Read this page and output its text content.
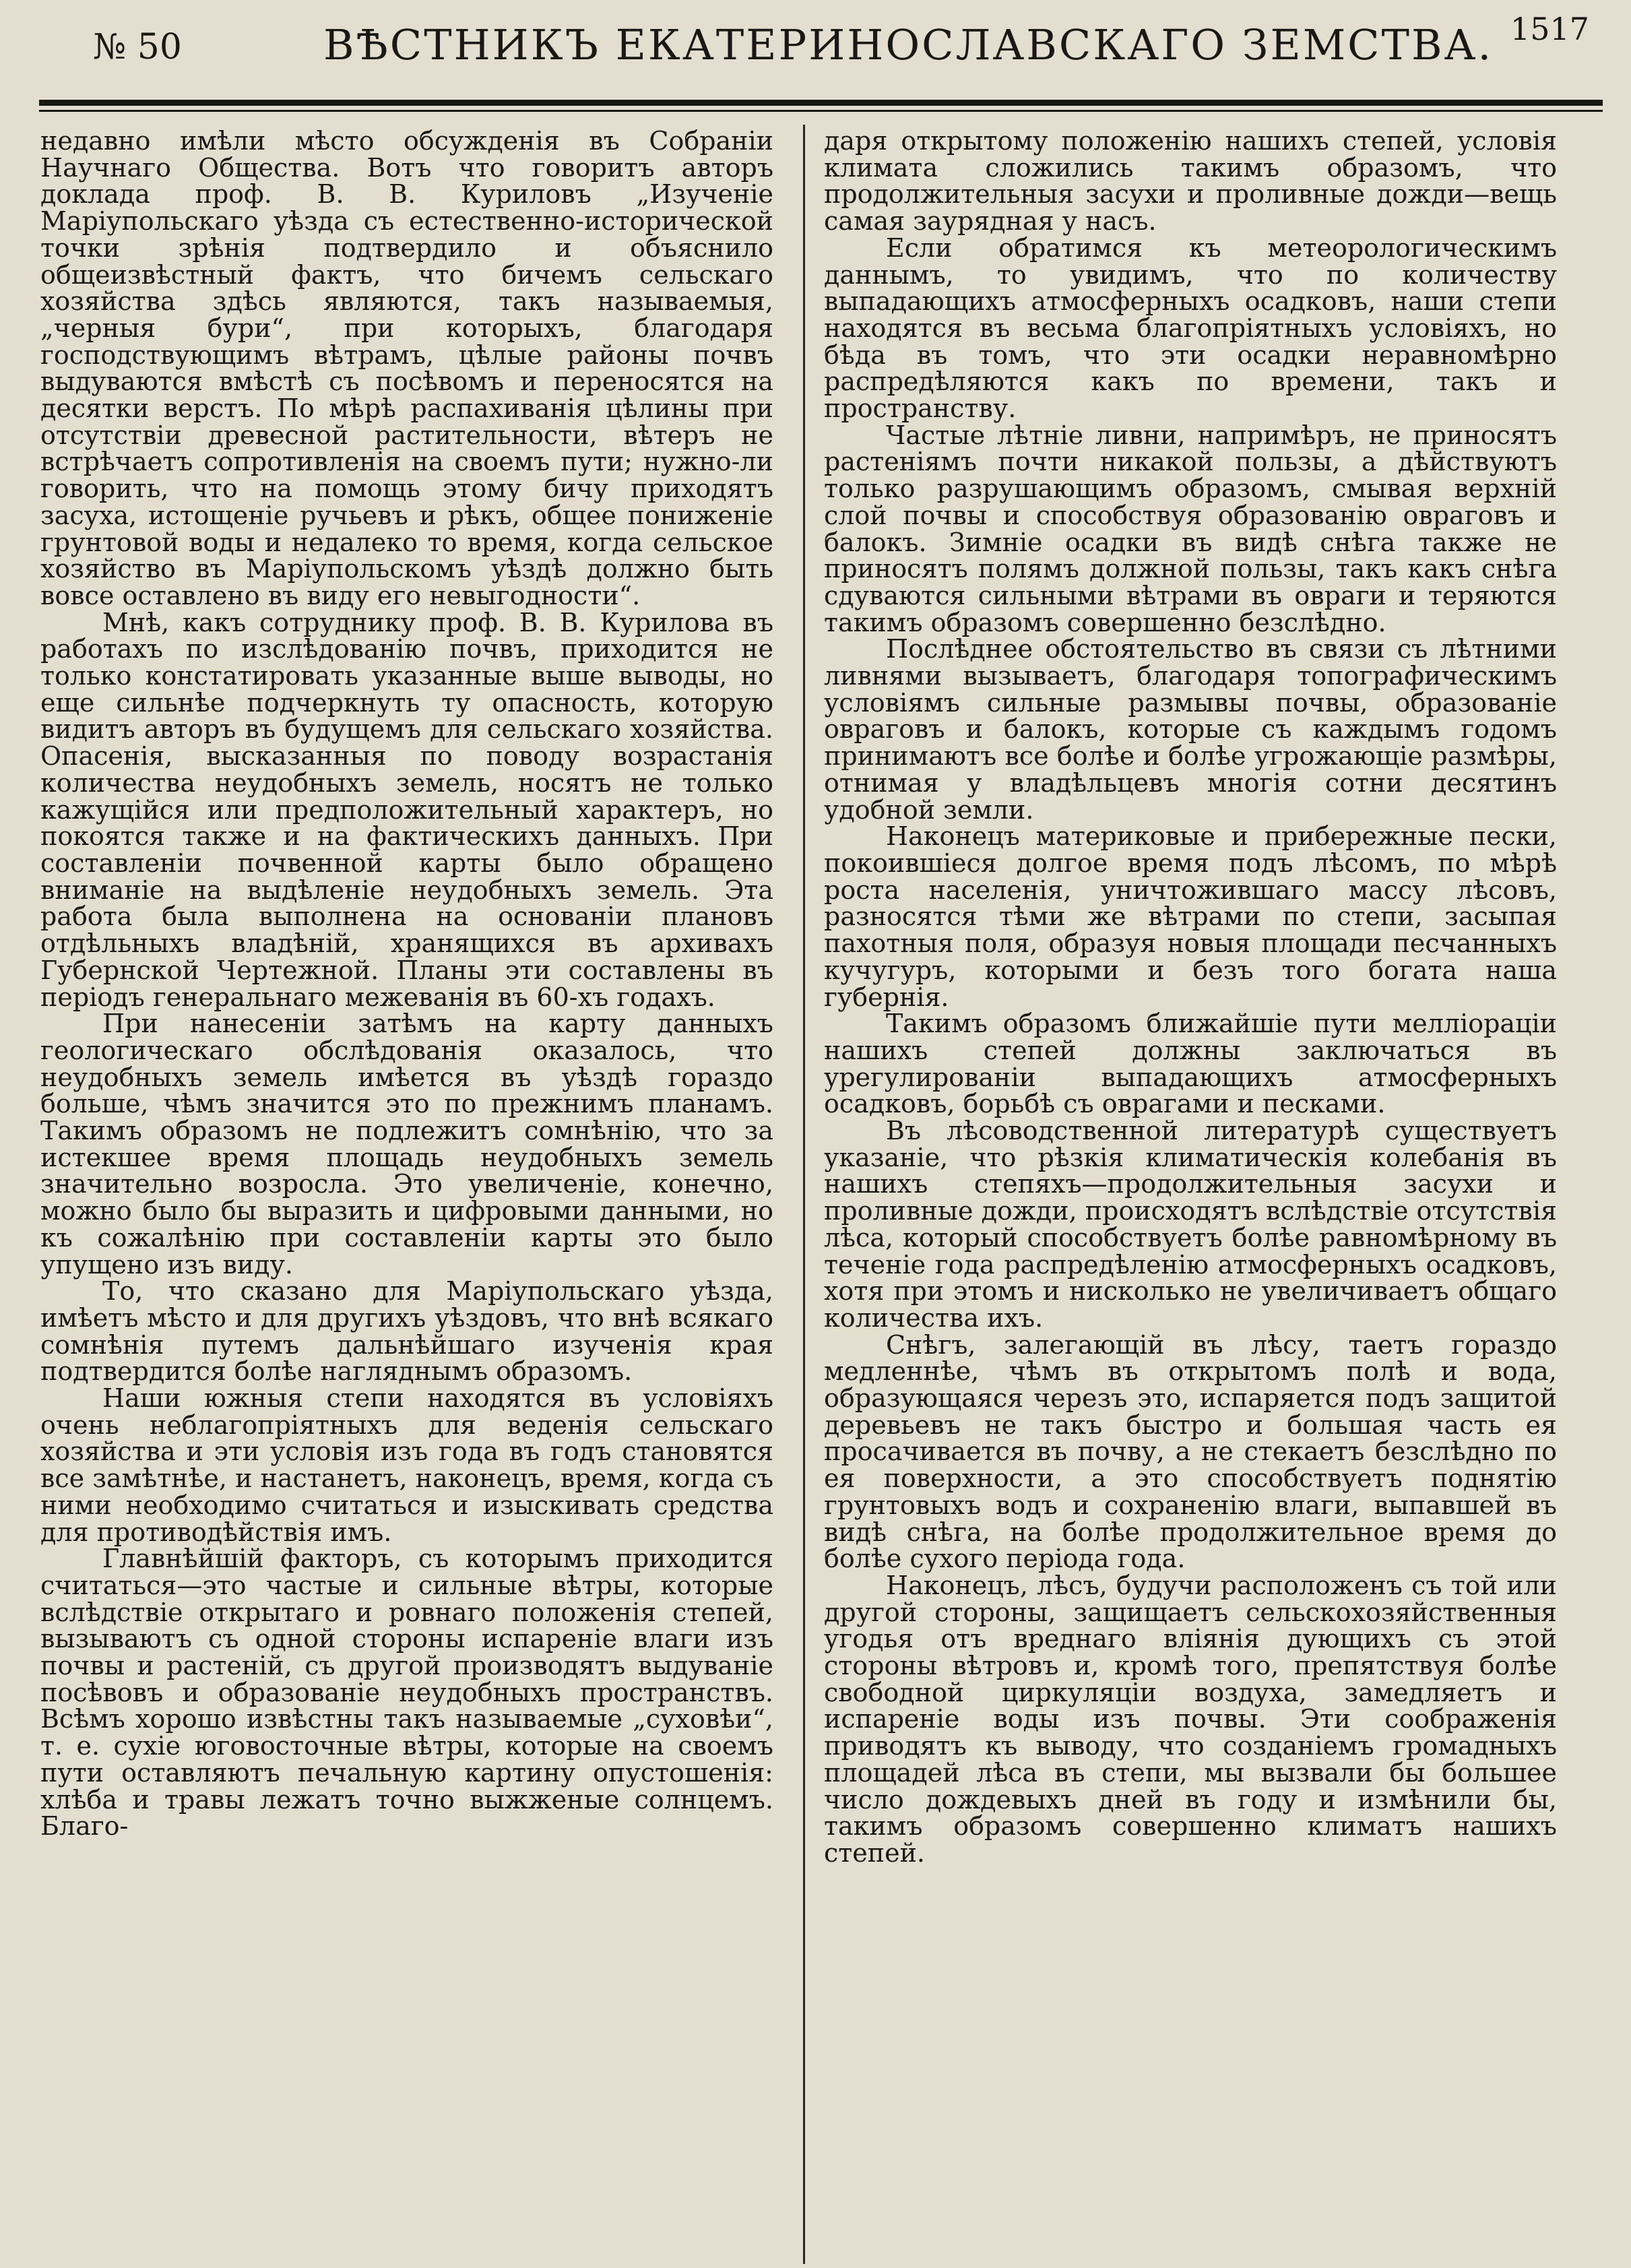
№ 50	ВѢСТНИКЪ ЕКАТЕРИНОСЛАВСКАГО ЗЕМСТВА. 1517

недавно имѣли мѣсто обсужденія въ Собраніи Научнаго Общества. Вотъ что говоритъ авторъ доклада проф. В. В. Куриловъ „Изученіе Маріупольскаго уѣзда съ естественно-исторической точки зрѣнія подтвердило и объяснило общеизвѣстный фактъ, что бичемъ сельскаго хозяйства здѣсь являются, такъ называемыя, „черныя бури“, при которыхъ, благодаря господствующимъ вѣтрамъ, цѣлые районы почвъ выдуваются вмѣстѣ съ посѣвомъ и переносятся на десятки верстъ. По мѣрѣ распахиванія цѣлины при отсутствіи древесной растительности, вѣтеръ не встрѣчаетъ сопротивленія на своемъ пути; нужно-ли говорить, что на помощь этому бичу приходятъ засуха, истощеніе ручьевъ и рѣкъ, общее пониженіе грунтовой воды и недалеко то время, когда сельское хозяйство въ Маріупольскомъ уѣздѣ должно быть вовсе оставлено въ виду его невыгодности“.

Мнѣ, какъ сотруднику проф. В. В. Курилова въ работахъ по изслѣдованію почвъ, приходится не только констатировать указанные выше выводы, но еще сильнѣе подчеркнуть ту опасность, которую видитъ авторъ въ будущемъ для сельскаго хозяйства. Опасенія, высказанныя по поводу возрастанія количества неудобныхъ земель, носятъ не только кажущійся или предположительный характеръ, но покоятся также и на фактическихъ данныхъ. При составленіи почвенной карты было обращено вниманіе на выдѣленіе неудобныхъ земель. Эта работа была выполнена на основаніи плановъ отдѣльныхъ владѣній, хранящихся въ архивахъ Губернской Чертежной. Планы эти составлены въ періодъ генеральнаго межеванія въ 60-хъ годахъ.

При нанесеніи затѣмъ на карту данныхъ геологическаго обслѣдованія оказалось, что неудобныхъ земель имѣется въ уѣздѣ гораздо больше, чѣмъ значится это по прежнимъ планамъ. Такимъ образомъ не подлежитъ сомнѣнію, что за истекшее время площадь неудобныхъ земель значительно возросла. Это увеличеніе, конечно, можно было бы выразить и цифровыми данными, но къ сожалѣнію при составленіи карты это было упущено изъ виду.

То, что сказано для Маріупольскаго уѣзда, имѣетъ мѣсто и для другихъ уѣздовъ, что внѣ всякаго сомнѣнія путемъ дальнѣйшаго изученія края подтвердится болѣе нагляднымъ образомъ.

Наши южныя степи находятся въ условіяхъ очень неблагопріятныхъ для веденія сельскаго хозяйства и эти условія изъ года въ годъ становятся все замѣтнѣе, и настанетъ, наконецъ, время, когда съ ними необходимо считаться и изыскивать средства для противодѣйствія имъ.

Главнѣйшій факторъ, съ которымъ приходится считаться—это частые и сильные вѣтры, которые вслѣдствіе открытаго и ровнаго положенія степей, вызываютъ съ одной стороны испареніе влаги изъ почвы и растеній, съ другой производятъ выдуваніе посѣвовъ и образованіе неудобныхъ пространствъ. Всѣмъ хорошо извѣстны такъ называемые „суховѣи“, т. е. сухіе юговосточные вѣтры, которые на своемъ пути оставляютъ печальную картину опустошенія: хлѣба и травы лежатъ точно выжженые солнцемъ. Благо-

даря открытому положенію нашихъ степей, условія климата сложились такимъ образомъ, что продолжительныя засухи и проливные дожди—вещь самая заурядная у насъ.

Если обратимся къ метеорологическимъ даннымъ, то увидимъ, что по количеству выпадающихъ атмосферныхъ осадковъ, наши степи находятся въ весьма благопріятныхъ условіяхъ, но бѣда въ томъ, что эти осадки неравномѣрно распредѣляются какъ по времени, такъ и пространству.

Частые лѣтніе ливни, напримѣръ, не приносятъ растеніямъ почти никакой пользы, а дѣйствуютъ только разрушающимъ образомъ, смывая верхній слой почвы и способствуя образованію овраговъ и балокъ. Зимніе осадки въ видѣ снѣга также не приносятъ полямъ должной пользы, такъ какъ снѣга сдуваются сильными вѣтрами въ овраги и теряются такимъ образомъ совершенно безслѣдно.

Послѣднее обстоятельство въ связи съ лѣтними ливнями вызываетъ, благодаря топографическимъ условіямъ сильные размывы почвы, образованіе овраговъ и балокъ, которые съ каждымъ годомъ принимаютъ все болѣе и болѣе угрожающіе размѣры, отнимая у владѣльцевъ многія сотни десятинъ удобной земли.

Наконецъ материковые и прибережные пески, покоившіеся долгое время подъ лѣсомъ, по мѣрѣ роста населенія, уничтожившаго массу лѣсовъ, разносятся тѣми же вѣтрами по степи, засыпая пахотныя поля, образуя новыя площади песчанныхъ кучугуръ, которыми и безъ того богата наша губернія.

Такимъ образомъ ближайшіе пути мелліораціи нашихъ степей должны заключаться въ урегулированіи выпадающихъ атмосферныхъ осадковъ, борьбѣ съ оврагами и песками.

Въ лѣсоводственной литературѣ существуетъ указаніе, что рѣзкія климатическія колебанія въ нашихъ степяхъ—продолжительныя засухи и проливные дожди, происходятъ вслѣдствіе отсутствія лѣса, который способствуетъ болѣе равномѣрному въ теченіе года распредѣленію атмосферныхъ осадковъ, хотя при этомъ и нисколько не увеличиваетъ общаго количества ихъ.

Снѣгъ, залегающій въ лѣсу, таетъ гораздо медленнѣе, чѣмъ въ открытомъ полѣ и вода, образующаяся черезъ это, испаряется подъ защитой деревьевъ не такъ быстро и большая часть ея просачивается въ почву, а не стекаетъ безслѣдно по ея поверхности, а это способствуетъ поднятію грунтовыхъ водъ и сохраненію влаги, выпавшей въ видѣ снѣга, на болѣе продолжительное время до болѣе сухого періода года.

Наконецъ, лѣсъ, будучи расположенъ съ той или другой стороны, защищаетъ сельскохозяйственныя угодья отъ вреднаго вліянія дующихъ съ этой стороны вѣтровъ и, кромѣ того, препятствуя болѣе свободной циркуляціи воздуха, замедляетъ и испареніе воды изъ почвы. Эти соображенія приводятъ къ выводу, что созданіемъ громадныхъ площадей лѣса въ степи, мы вызвали бы большее число дождевыхъ дней въ году и измѣнили бы, такимъ образомъ совершенно климатъ нашихъ степей.
